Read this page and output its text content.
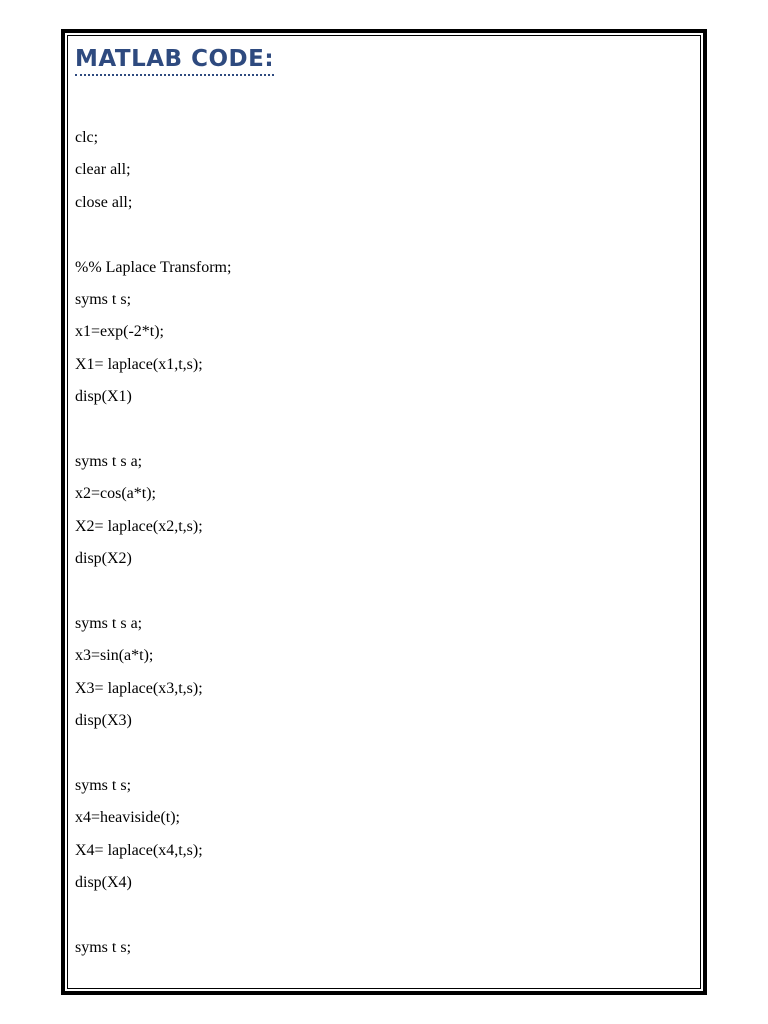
MATLAB CODE:
clc;
clear all;
close all;
%% Laplace Transform;
syms t s;
x1=exp(-2*t);
X1= laplace(x1,t,s);
disp(X1)
syms t s a;
x2=cos(a*t);
X2= laplace(x2,t,s);
disp(X2)
syms t s a;
x3=sin(a*t);
X3= laplace(x3,t,s);
disp(X3)
syms t s;
x4=heaviside(t);
X4= laplace(x4,t,s);
disp(X4)
syms t s;
